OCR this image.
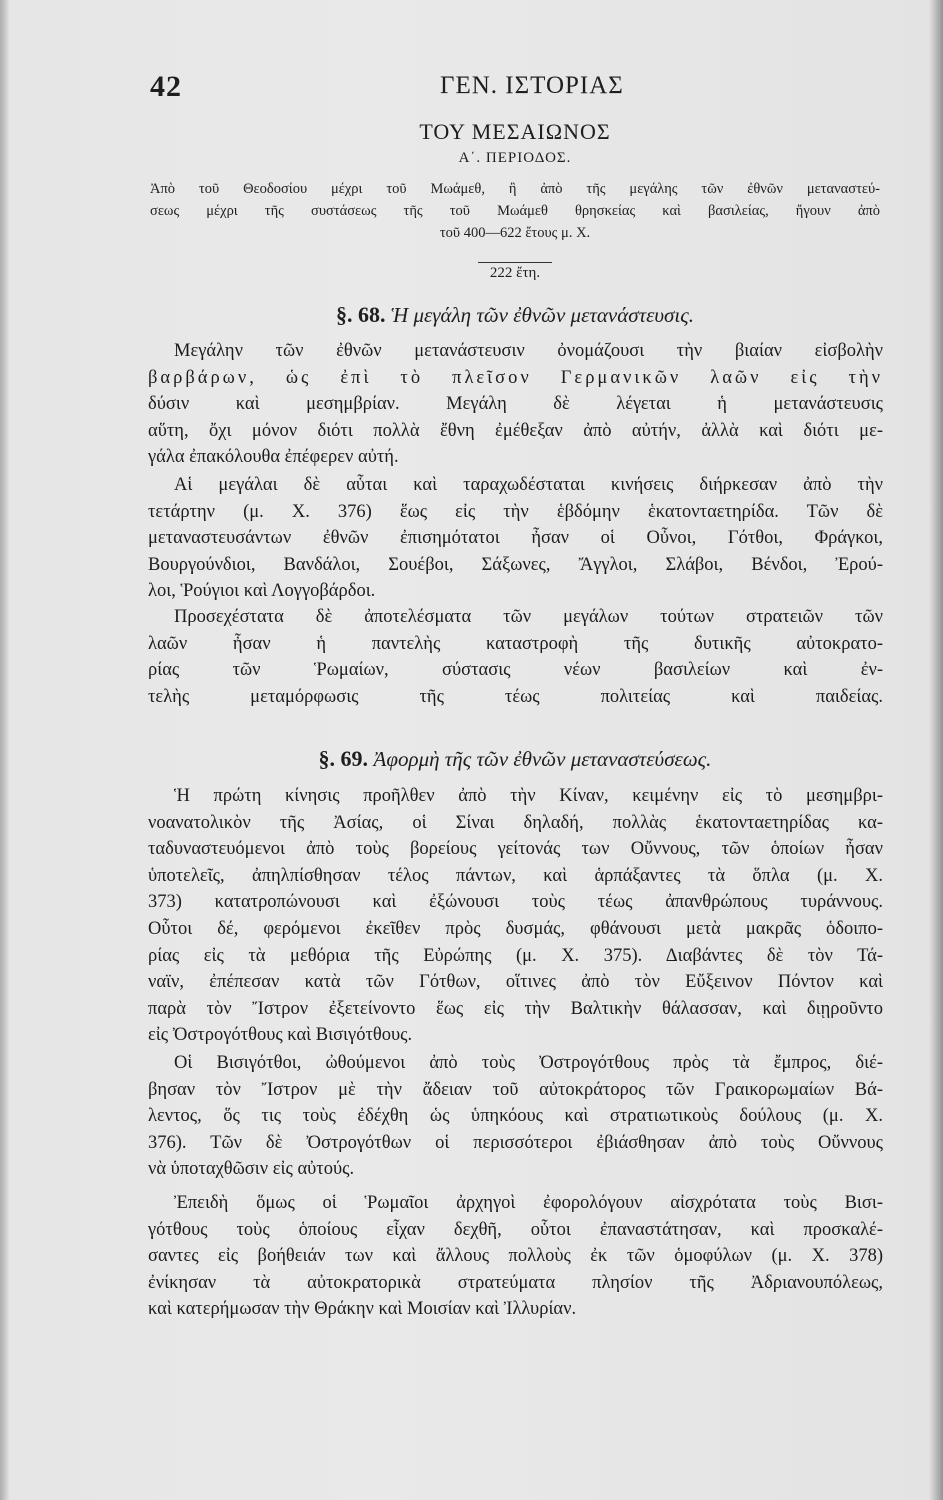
42	ΓΕΝ. ΙΣΤΟΡΙΑΣ
ΤΟΥ ΜΕΣΑΙΩΝΟΣ
Α΄. ΠΕΡΙΟΔΟΣ.
Ἀπὸ τοῦ Θεοδοσίου μέχρι τοῦ Μωάμεθ, ἢ ἀπὸ τῆς μεγάλης τῶν ἐθνῶν μεταναστεύ-
σεως μέχρι τῆς συστάσεως τῆς τοῦ Μωάμεθ θρησκείας καὶ βασιλείας, ἤγουν ἀπὸ
τοῦ 400—622 ἔτους μ. Χ.
222 ἔτη.
§. 68. Ἡ μεγάλη τῶν ἐθνῶν μετανάστευσις.
Μεγάλην τῶν ἐθνῶν μετανάστευσιν ὀνομάζουσι τὴν βιαίαν εἰσβολὴν
βαρβάρων, ὡς ἐπὶ τὸ πλεῖσον Γερμανικῶν λαῶν εἰς τὴν
δύσιν καὶ μεσημβρίαν. Μεγάλη δὲ λέγεται ἡ μετανάστευσις
αὕτη, ὄχι μόνον διότι πολλὰ ἔθνη ἐμέθεξαν ἀπὸ αὐτήν, ἀλλὰ καὶ διότι με-
γάλα ἐπακόλουθα ἐπέφερεν αὐτή.
Αἱ μεγάλαι δὲ αὗται καὶ ταραχωδέσταται κινήσεις διήρκεσαν ἀπὸ τὴν
τετάρτην (μ. Χ. 376) ἕως εἰς τὴν ἑβδόμην ἑκατονταετηρίδα. Τῶν δὲ
μεταναστευσάντων ἐθνῶν ἐπισημότατοι ἦσαν οἱ Οὖνοι, Γότθοι, Φράγκοι,
Βουργούνδιοι, Βανδάλοι, Σουέβοι, Σάξωνες, Ἄγγλοι, Σλάβοι, Βένδοι, Ἐρού-
λοι, Ῥούγιοι καὶ Λογγοβάρδοι.
Προσεχέστατα δὲ ἀποτελέσματα τῶν μεγάλων τούτων στρατειῶν τῶν
λαῶν ἦσαν ἡ παντελὴς καταστροφὴ τῆς δυτικῆς αὐτοκρατο-
ρίας τῶν Ῥωμαίων, σύστασις νέων βασιλείων καὶ ἐν-
τελὴς μεταμόρφωσις τῆς τέως πολιτείας καὶ παιδείας.
§. 69. Ἀφορμὴ τῆς τῶν ἐθνῶν μεταναστεύσεως.
Ἡ πρώτη κίνησις προῆλθεν ἀπὸ τὴν Κίναν, κειμένην εἰς τὸ μεσημβρι-
νοανατολικὸν τῆς Ἀσίας, οἱ Σίναι δηλαδή, πολλὰς ἑκατονταετηρίδας κα-
ταδυναστευόμενοι ἀπὸ τοὺς βορείους γείτονάς των Οὔννους, τῶν ὁποίων ἦσαν
ὑποτελεῖς, ἀπηλπίσθησαν τέλος πάντων, καὶ ἁρπάξαντες τὰ ὅπλα (μ. Χ.
373) κατατροπώνουσι καὶ ἐξώνουσι τοὺς τέως ἀπανθρώπους τυράννους.
Οὗτοι δέ, φερόμενοι ἐκεῖθεν πρὸς δυσμάς, φθάνουσι μετὰ μακρᾶς ὁδοιπο-
ρίας εἰς τὰ μεθόρια τῆς Εὐρώπης (μ. Χ. 375). Διαβάντες δὲ τὸν Τά-
ναϊν, ἐπέπεσαν κατὰ τῶν Γότθων, οἵτινες ἀπὸ τὸν Εὔξεινον Πόντον καὶ
παρὰ τὸν Ἴστρον ἐξετείνοντο ἕως εἰς τὴν Βαλτικὴν θάλασσαν, καὶ διῃροῦντο
εἰς Ὀστρογότθους καὶ Βισιγότθους.
Οἱ Βισιγότθοι, ὠθούμενοι ἀπὸ τοὺς Ὀστρογότθους πρὸς τὰ ἔμπρος, διέ-
βησαν τὸν Ἴστρον μὲ τὴν ἄδειαν τοῦ αὐτοκράτορος τῶν Γραικορωμαίων Βά-
λεντος, ὅς τις τοὺς ἐδέχθη ὡς ὑπηκόους καὶ στρατιωτικοὺς δούλους (μ. Χ.
376). Τῶν δὲ Ὀστρογότθων οἱ περισσότεροι ἐβιάσθησαν ἀπὸ τοὺς Οὔννους
νὰ ὑποταχθῶσιν εἰς αὐτούς.
Ἐπειδὴ ὅμως οἱ Ῥωμαῖοι ἀρχηγοὶ ἐφορολόγουν αἰσχρότατα τοὺς Βισι-
γότθους τοὺς ὁποίους εἶχαν δεχθῆ, οὗτοι ἐπαναστάτησαν, καὶ προσκαλέ-
σαντες εἰς βοήθειάν των καὶ ἄλλους πολλοὺς ἐκ τῶν ὁμοφύλων (μ. Χ. 378)
ἐνίκησαν τὰ αὐτοκρατορικὰ στρατεύματα πλησίον τῆς Ἀδριανουπόλεως,
καὶ κατερήμωσαν τὴν Θράκην καὶ Μοισίαν καὶ Ἰλλυρίαν.
